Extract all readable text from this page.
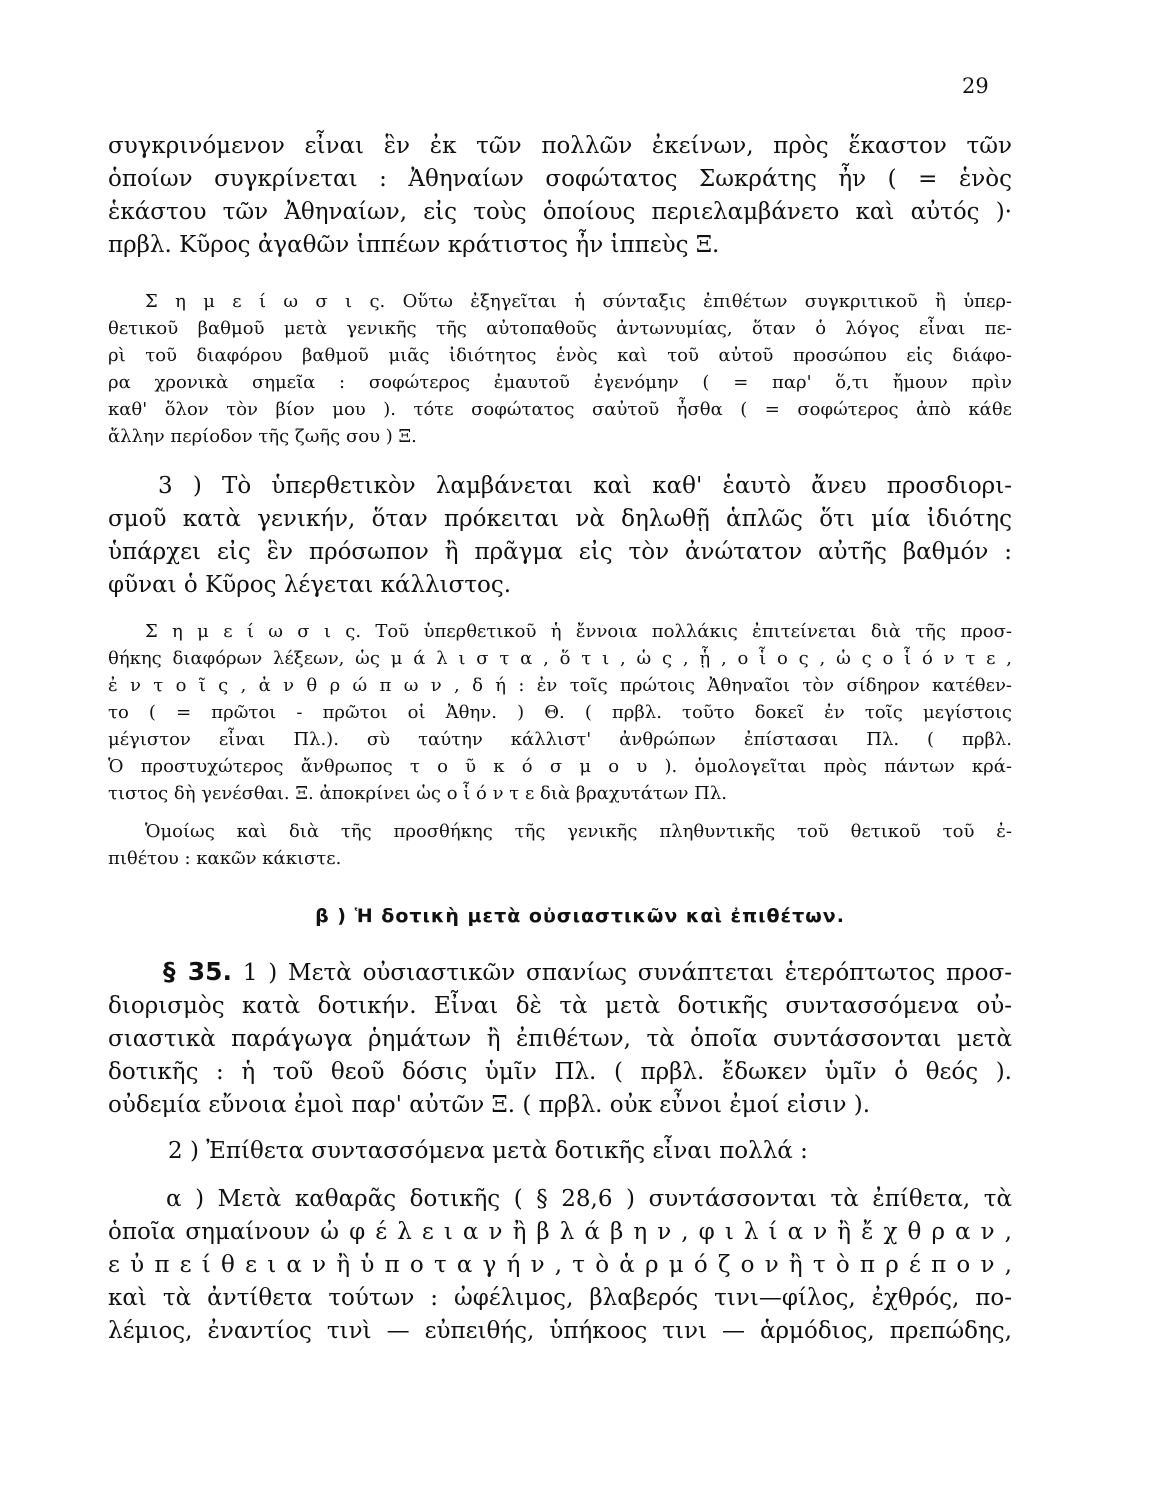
29
συγκρινόμενον εἶναι ἓν ἐκ τῶν πολλῶν ἐκείνων, πρὸς ἕκαστον τῶν
ὁποίων συγκρίνεται : Ἀθηναίων σοφώτατος Σωκράτης ἦν ( = ἑνὸς
ἑκάστου τῶν Ἀθηναίων, εἰς τοὺς ὁποίους περιελαμβάνετο καὶ αὐτός )·
πρβλ. Κῦρος ἀγαθῶν ἱππέων κράτιστος ἦν ἱππεὺς Ξ.
Σ η μ ε ί ω σ ι ς. Οὕτω ἐξηγεῖται ἡ σύνταξις ἐπιθέτων συγκριτικοῦ ἢ ὑπερ-
θετικοῦ βαθμοῦ μετὰ γενικῆς τῆς αὐτοπαθοῦς ἀντωνυμίας, ὅταν ὁ λόγος εἶναι πε-
ρὶ τοῦ διαφόρου βαθμοῦ μιᾶς ἰδιότητος ἑνὸς καὶ τοῦ αὐτοῦ προσώπου εἰς διάφο-
ρα χρονικὰ σημεῖα : σοφώτερος ἐμαυτοῦ ἐγενόμην ( = παρ' ὅ,τι ἤμουν πρὶν
καθ' ὅλον τὸν βίον μου ). τότε σοφώτατος σαὐτοῦ ἦσθα ( = σοφώτερος ἀπὸ κάθε
ἄλλην περίοδον τῆς ζωῆς σου ) Ξ.
3 ) Τὸ ὑπερθετικὸν λαμβάνεται καὶ καθ' ἑαυτὸ ἄνευ προσδιορι-
σμοῦ κατὰ γενικήν, ὅταν πρόκειται νὰ δηλωθῇ ἁπλῶς ὅτι μία ἰδιότης
ὑπάρχει εἰς ἓν πρόσωπον ἢ πρᾶγμα εἰς τὸν ἀνώτατον αὐτῆς βαθμόν :
φῦναι ὁ Κῦρος λέγεται κάλλιστος.
Σ η μ ε ί ω σ ι ς. Τοῦ ὑπερθετικοῦ ἡ ἔννοια πολλάκις ἐπιτείνεται διὰ τῆς προσ-
θήκης διαφόρων λέξεων, ὡς μ ά λ ι σ τ α , ὅ τ ι , ὡ ς , ᾗ , ο ἷ ο ς , ὡ ς ο ἷ ό ν τ ε ,
ἐ ν τ ο ῖ ς , ἀ ν θ ρ ώ π ω ν , δ ή : ἐν τοῖς πρώτοις Ἀθηναῖοι τὸν σίδηρον κατέθεν-
το ( = πρῶτοι - πρῶτοι οἱ Ἀθην. ) Θ. ( πρβλ. τοῦτο δοκεῖ ἐν τοῖς μεγίστοις
μέγιστον εἶναι Πλ.). σὺ ταύτην κάλλιστ' ἀνθρώπων ἐπίστασαι Πλ. ( πρβλ.
Ὁ προστυχώτερος ἄνθρωπος τ ο ῦ κ ό σ μ ο υ ). ὁμολογεῖται πρὸς πάντων κρά-
τιστος δὴ γενέσθαι. Ξ. ἀποκρίνει ὡς ο ἷ ό ν τ ε διὰ βραχυτάτων Πλ.
Ὁμοίως καὶ διὰ τῆς προσθήκης τῆς γενικῆς πληθυντικῆς τοῦ θετικοῦ τοῦ ἐ-
πιθέτου : κακῶν κάκιστε.
β ) Ἡ δοτικὴ μετὰ οὐσιαστικῶν καὶ ἐπιθέτων.
§ 35. 1 ) Μετὰ οὐσιαστικῶν σπανίως συνάπτεται ἑτερόπτωτος προσ-
διορισμὸς κατὰ δοτικήν. Εἶναι δὲ τὰ μετὰ δοτικῆς συντασσόμενα οὐ-
σιαστικὰ παράγωγα ῥημάτων ἢ ἐπιθέτων, τὰ ὁποῖα συντάσσονται μετὰ
δοτικῆς : ἡ τοῦ θεοῦ δόσις ὑμῖν Πλ. ( πρβλ. ἔδωκεν ὑμῖν ὁ θεός ).
οὐδεμία εὔνοια ἐμοὶ παρ' αὐτῶν Ξ. ( πρβλ. οὐκ εὖνοι ἐμοί εἰσιν ).
2 ) Ἐπίθετα συντασσόμενα μετὰ δοτικῆς εἶναι πολλά :
α ) Μετὰ καθαρᾶς δοτικῆς ( § 28,6 ) συντάσσονται τὰ ἐπίθετα, τὰ
ὁποῖα σημαίνουν ὠ φ έ λ ε ι α ν ἢ β λ ά β η ν , φ ι λ ί α ν ἢ ἔ χ θ ρ α ν ,
ε ὐ π ε ί θ ε ι α ν ἢ ὑ π ο τ α γ ή ν , τ ὸ ἁ ρ μ ό ζ ο ν ἢ τ ὸ π ρ έ π ο ν ,
καὶ τὰ ἀντίθετα τούτων : ὠφέλιμος, βλαβερός τινι—φίλος, ἐχθρός, πο-
λέμιος, ἐναντίος τινὶ — εὐπειθής, ὑπήκοος τινι — ἁρμόδιος, πρεπώδης,
